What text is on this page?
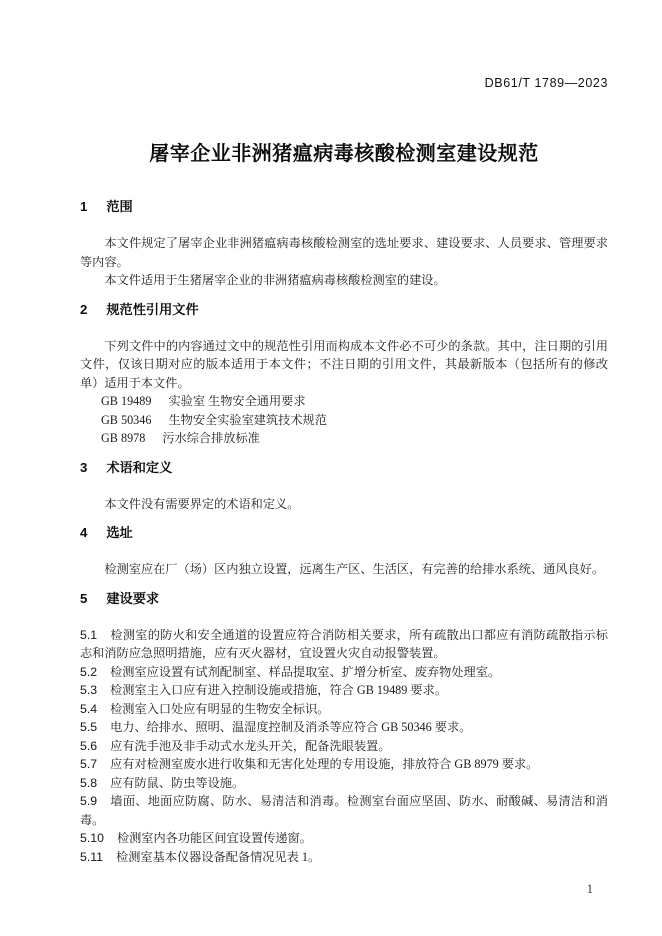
DB61/T 1789—2023
屠宰企业非洲猪瘟病毒核酸检测室建设规范
1 范围

本文件规定了屠宰企业非洲猪瘟病毒核酸检测室的选址要求、建设要求、人员要求、管理要求等内容。

本文件适用于生猪屠宰企业的非洲猪瘟病毒核酸检测室的建设。

2 规范性引用文件

下列文件中的内容通过文中的规范性引用而构成本文件必不可少的条款。其中，注日期的引用文件，仅该日期对应的版本适用于本文件；不注日期的引用文件，其最新版本（包括所有的修改单）适用于本文件。

GB 19489 实验室 生物安全通用要求

GB 50346 生物安全实验室建筑技术规范

GB 8978 污水综合排放标准

3 术语和定义

本文件没有需要界定的术语和定义。

4 选址

检测室应在厂（场）区内独立设置，远离生产区、生活区，有完善的给排水系统、通风良好。

5 建设要求

5.1 检测室的防火和安全通道的设置应符合消防相关要求，所有疏散出口都应有消防疏散指示标志和消防应急照明措施，应有灭火器材，宜设置火灾自动报警装置。

5.2 检测室应设置有试剂配制室、样品提取室、扩增分析室、废弃物处理室。

5.3 检测室主入口应有进入控制设施或措施，符合 GB 19489 要求。

5.4 检测室入口处应有明显的生物安全标识。

5.5 电力、给排水、照明、温湿度控制及消杀等应符合 GB 50346 要求。

5.6 应有洗手池及非手动式水龙头开关，配备洗眼装置。

5.7 应有对检测室废水进行收集和无害化处理的专用设施，排放符合 GB 8979 要求。

5.8 应有防鼠、防虫等设施。

5.9 墙面、地面应防腐、防水、易清洁和消毒。检测室台面应坚固、防水、耐酸碱、易清洁和消毒。

5.10 检测室内各功能区间宜设置传递窗。

5.11 检测室基本仪器设备配备情况见表 1。

1
